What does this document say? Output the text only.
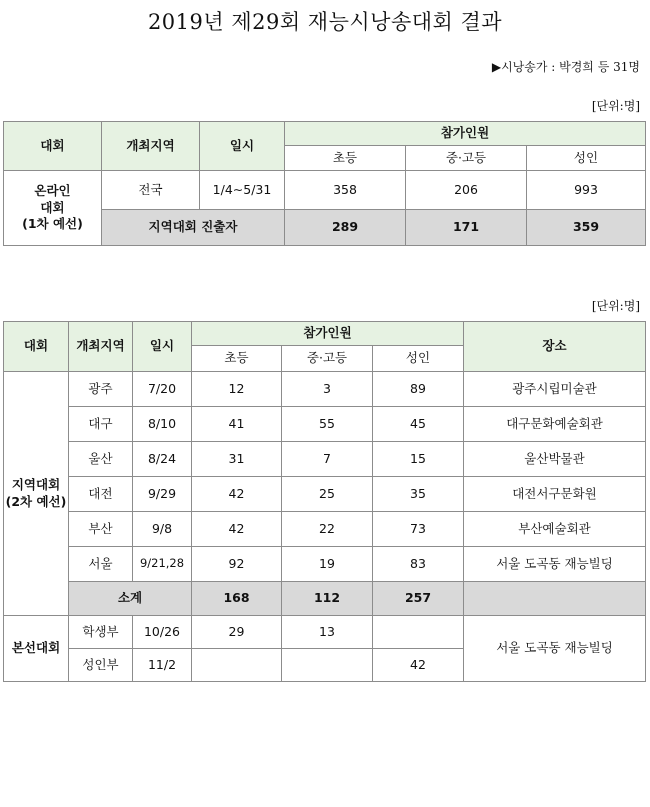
2019년 제29회 재능시낭송대회 결과
▶시낭송가 : 박경희 등 31명
[단위:명]
대회	개최지역	일시	참가인원		
			초등	중·고등	성인

온라인
대회
(1차 예선)	전국	1/4∼5/31	358	206	993
	지역대회 진출자		289	171	359
[단위:명]
대회	개최지역	일시	참가인원			장소
			초등	중·고등	성인	

지역대회
(2차 예선)	광주	7/20	12	3	89	광주시립미술관
	대구	8/10	41	55	45	대구문화예술회관
	울산	8/24	31	7	15	울산박물관
	대전	9/29	42	25	35	대전서구문화원
	부산	9/8	42	22	73	부산예술회관
	서울	9/21,28	92	19	83	서울 도곡동 재능빌딩
	소계		168	112	257	
본선대회	학생부	10/26	29	13		서울 도곡동 재능빌딩
	성인부	11/2			42	
